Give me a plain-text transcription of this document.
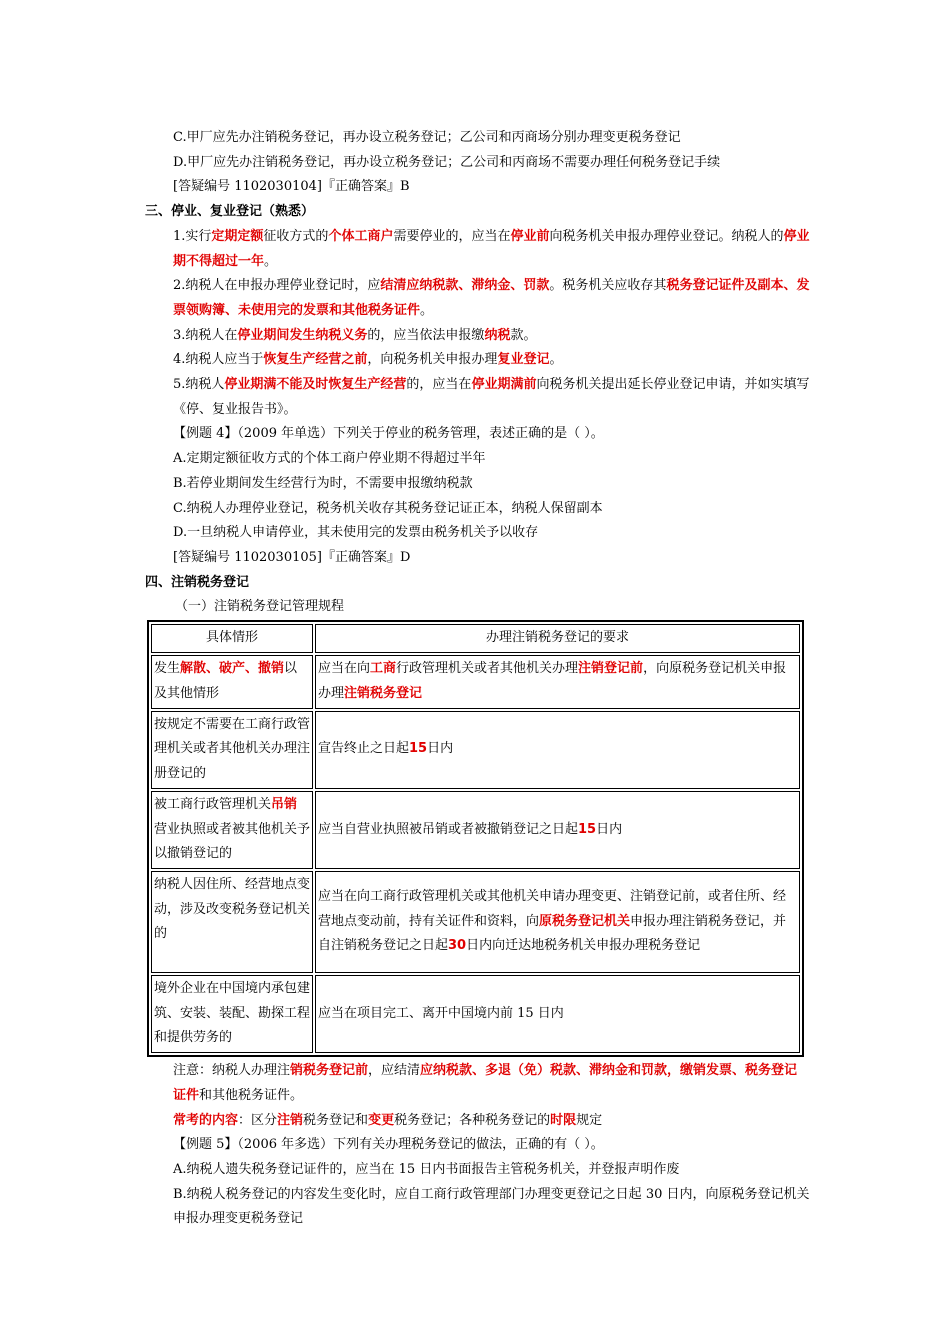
C.甲厂应先办注销税务登记，再办设立税务登记；乙公司和丙商场分别办理变更税务登记
D.甲厂应先办注销税务登记，再办设立税务登记；乙公司和丙商场不需要办理任何税务登记手续
[答疑编号 1102030104]『正确答案』B
三、停业、复业登记（熟悉）
1.实行定期定额征收方式的个体工商户需要停业的，应当在停业前向税务机关申报办理停业登记。纳税人的停业期不得超过一年。
2.纳税人在申报办理停业登记时，应结清应纳税款、滞纳金、罚款。税务机关应收存其税务登记证件及副本、发票领购簿、未使用完的发票和其他税务证件。
3.纳税人在停业期间发生纳税义务的，应当依法申报缴纳税款。
4.纳税人应当于恢复生产经营之前，向税务机关申报办理复业登记。
5.纳税人停业期满不能及时恢复生产经营的，应当在停业期满前向税务机关提出延长停业登记申请，并如实填写《停、复业报告书》。
【例题 4】（2009 年单选）下列关于停业的税务管理，表述正确的是（ ）。
A.定期定额征收方式的个体工商户停业期不得超过半年
B.若停业期间发生经营行为时，不需要申报缴纳税款
C.纳税人办理停业登记，税务机关收存其税务登记证正本，纳税人保留副本
D.一旦纳税人申请停业，其未使用完的发票由税务机关予以收存
[答疑编号 1102030105]『正确答案』D
四、注销税务登记
（一）注销税务登记管理规程
具体情形	办理注销税务登记的要求
发生解散、破产、撤销以及其他情形	应当在向工商行政管理机关或者其他机关办理注销登记前，向原税务登记机关申报办理注销税务登记
按规定不需要在工商行政管理机关或者其他机关办理注册登记的	宣告终止之日起15日内
被工商行政管理机关吊销营业执照或者被其他机关予以撤销登记的	应当自营业执照被吊销或者被撤销登记之日起15日内
纳税人因住所、经营地点变动，涉及改变税务登记机关的	应当在向工商行政管理机关或其他机关申请办理变更、注销登记前，或者住所、经营地点变动前，持有关证件和资料，向原税务登记机关申报办理注销税务登记，并自注销税务登记之日起30日内向迁达地税务机关申报办理税务登记
境外企业在中国境内承包建筑、安装、装配、勘探工程和提供劳务的	应当在项目完工、离开中国境内前 15 日内
注意：纳税人办理注销税务登记前，应结清应纳税款、多退（免）税款、滞纳金和罚款，缴销发票、税务登记证件和其他税务证件。
常考的内容：区分注销税务登记和变更税务登记；各种税务登记的时限规定
【例题 5】（2006 年多选）下列有关办理税务登记的做法，正确的有（ ）。
A.纳税人遗失税务登记证件的，应当在 15 日内书面报告主管税务机关，并登报声明作废
B.纳税人税务登记的内容发生变化时，应自工商行政管理部门办理变更登记之日起 30 日内，向原税务登记机关申报办理变更税务登记
